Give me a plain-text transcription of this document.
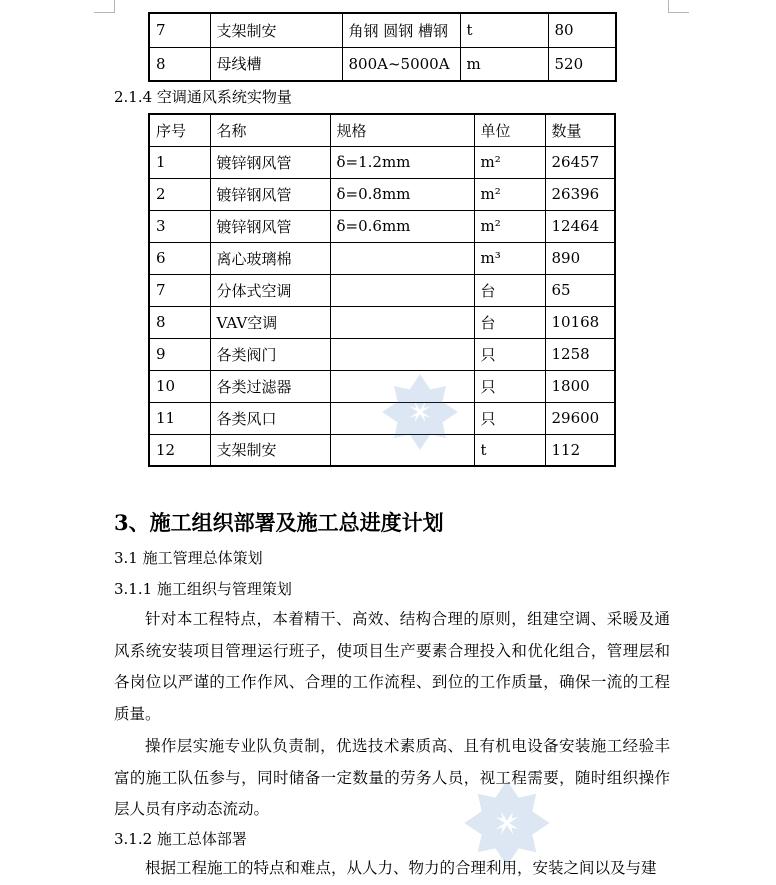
7	支架制安	角钢 圆钢 槽钢	t	80
8	母线槽	800A~5000A	m	520
2.1.4 空调通风系统实物量
序号	名称	规格	单位	数量
1	镀锌钢风管	δ=1.2mm	m²	26457
2	镀锌钢风管	δ=0.8mm	m²	26396
3	镀锌钢风管	δ=0.6mm	m²	12464
6	离心玻璃棉		m³	890
7	分体式空调		台	65
8	VAV空调		台	10168
9	各类阀门		只	1258
10	各类过滤器		只	1800
11	各类风口		只	29600
12	支架制安		t	112
3、施工组织部署及施工总进度计划
3.1 施工管理总体策划
3.1.1 施工组织与管理策划

针对本工程特点，本着精干、高效、结构合理的原则，组建空调、采暖及通风系统安装项目管理运行班子，使项目生产要素合理投入和优化组合，管理层和各岗位以严谨的工作作风、合理的工作流程、到位的工作质量，确保一流的工程质量。

操作层实施专业队负责制，优选技术素质高、且有机电设备安装施工经验丰富的施工队伍参与，同时储备一定数量的劳务人员，视工程需要，随时组织操作层人员有序动态流动。

3.1.2 施工总体部署

根据工程施工的特点和难点，从人力、物力的合理利用，安装之间以及与建
